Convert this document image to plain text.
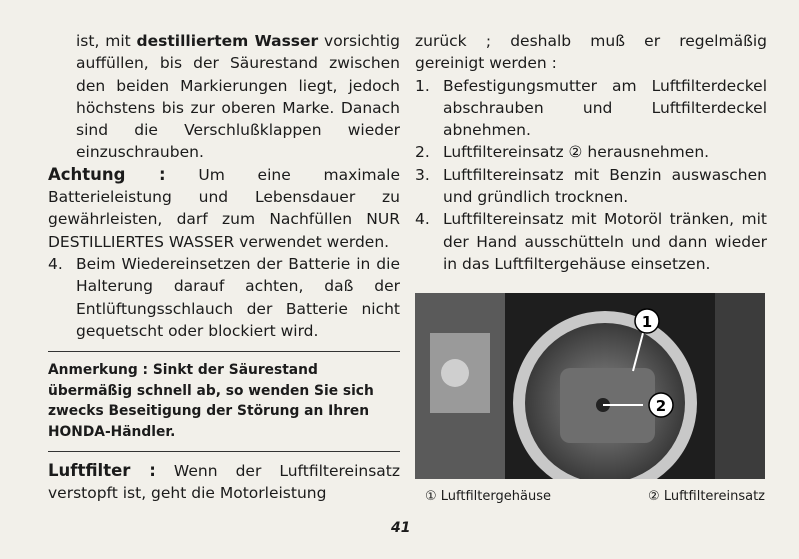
ist, mit destilliertem Wasser vorsichtig auffüllen, bis der Säurestand zwischen den beiden Markierungen liegt, jedoch höchstens bis zur oberen Marke. Danach sind die Verschlußklappen wieder einzuschrauben.

Achtung : Um eine maximale Batterieleistung und Lebensdauer zu gewährleisten, darf zum Nachfüllen NUR DESTILLIERTES WASSER verwendet werden.

4. Beim Wiedereinsetzen der Batterie in die Halterung darauf achten, daß der Entlüftungsschlauch der Batterie nicht gequetscht oder blockiert wird.

Anmerkung : Sinkt der Säurestand übermäßig schnell ab, so wenden Sie sich zwecks Beseitigung der Störung an Ihren HONDA-Händler.

Luftfilter : Wenn der Luftfiltereinsatz verstopft ist, geht die Motorleistung

zurück ; deshalb muß er regelmäßig gereinigt werden :

1. Befestigungsmutter am Luftfilterdeckel abschrauben und Luftfilterdeckel abnehmen.
2. Luftfiltereinsatz ② herausnehmen.
3. Luftfiltereinsatz mit Benzin auswaschen und gründlich trocknen.
4. Luftfiltereinsatz mit Motoröl tränken, mit der Hand ausschütteln und dann wieder in das Luftfiltergehäuse einsetzen.
1
2
① Luftfiltergehäuse	② Luftfiltereinsatz
41
